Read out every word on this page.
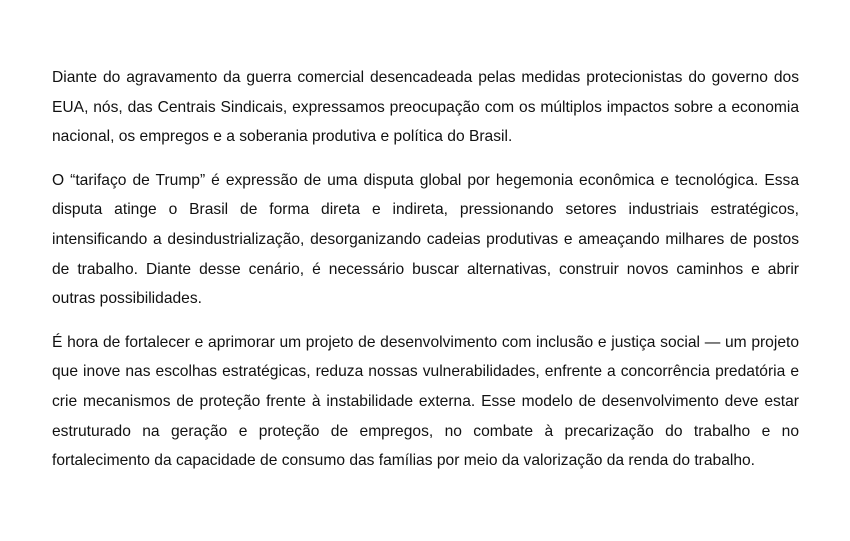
Diante do agravamento da guerra comercial desencadeada pelas medidas protecionistas do governo dos EUA, nós, das Centrais Sindicais, expressamos preocupação com os múltiplos impactos sobre a economia nacional, os empregos e a soberania produtiva e política do Brasil.

O “tarifaço de Trump” é expressão de uma disputa global por hegemonia econômica e tecnológica. Essa disputa atinge o Brasil de forma direta e indireta, pressionando setores industriais estratégicos, intensificando a desindustrialização, desorganizando cadeias produtivas e ameaçando milhares de postos de trabalho. Diante desse cenário, é necessário buscar alternativas, construir novos caminhos e abrir outras possibilidades.

É hora de fortalecer e aprimorar um projeto de desenvolvimento com inclusão e justiça social — um projeto que inove nas escolhas estratégicas, reduza nossas vulnerabilidades, enfrente a concorrência predatória e crie mecanismos de proteção frente à instabilidade externa. Esse modelo de desenvolvimento deve estar estruturado na geração e proteção de empregos, no combate à precarização do trabalho e no fortalecimento da capacidade de consumo das famílias por meio da valorização da renda do trabalho.
